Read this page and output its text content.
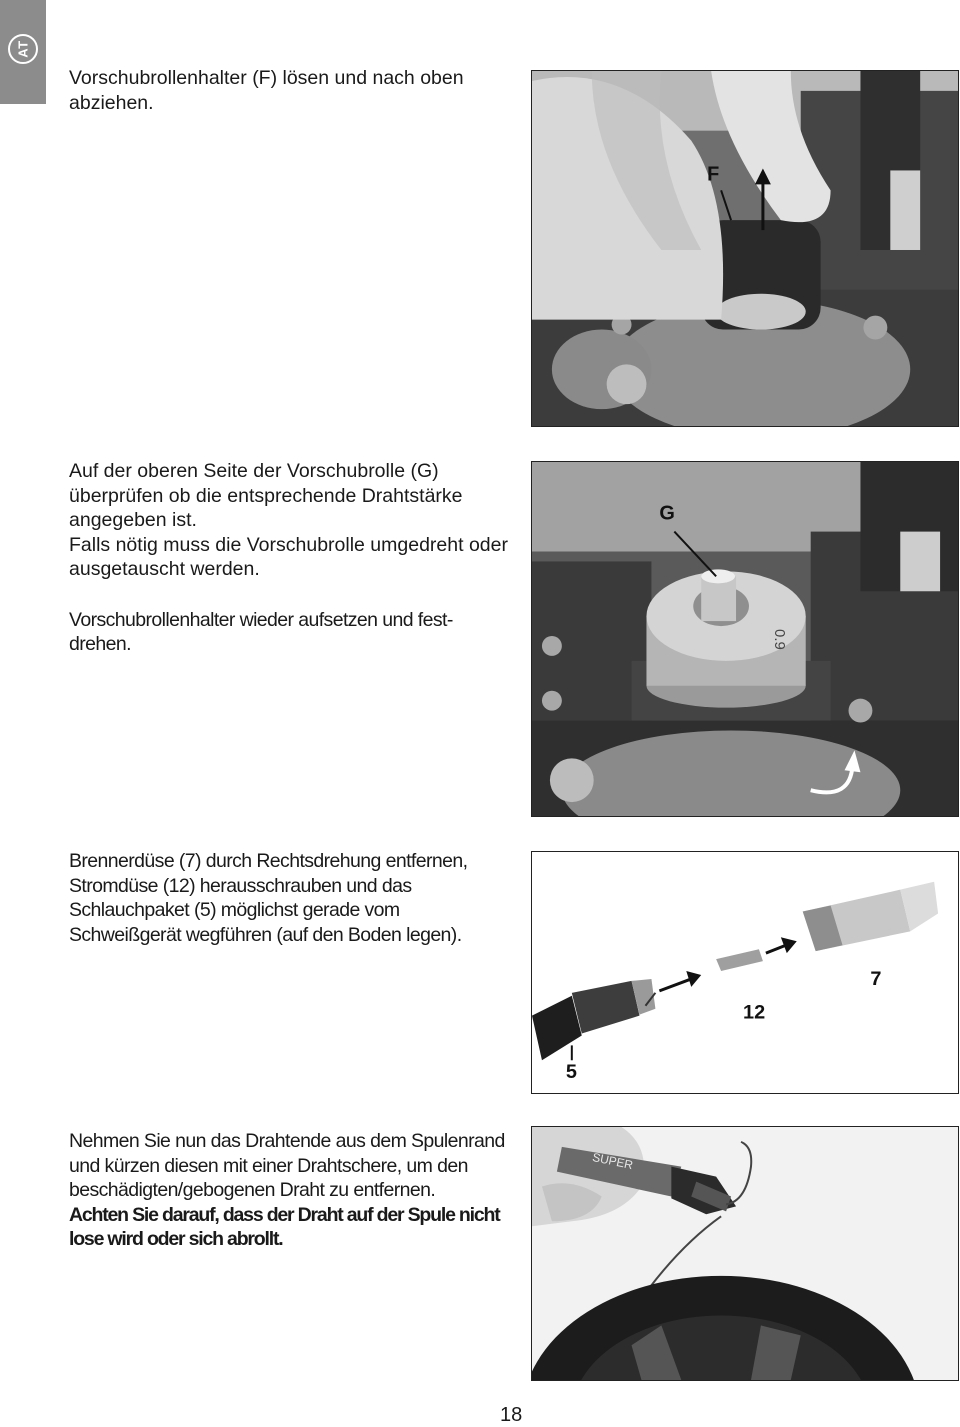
AT

Vorschubrollenhalter (F) lösen und nach oben abziehen.

F

Auf der oberen Seite der Vorschubrolle (G) überprüfen ob die entsprechende Drahtstärke angegeben ist.

Falls nötig muss die Vorschubrolle umgedreht oder ausgetauscht werden.

Vorschubrollenhalter wieder aufsetzen und fest-drehen.	0.9
G

Brennerdüse (7) durch Rechtsdrehung entfernen, Stromdüse (12) herausschrauben und das Schlauchpaket (5) möglichst gerade vom Schweißgerät wegführen (auf den Boden legen).

7
12
5

Nehmen Sie nun das Drahtende aus dem Spulenrand und kürzen diesen mit einer Drahtschere, um den beschädigten/gebogenen Draht zu entfernen.

Achten Sie darauf, dass der Draht auf der Spule nicht lose wird oder sich abrollt.

SUPER
18
